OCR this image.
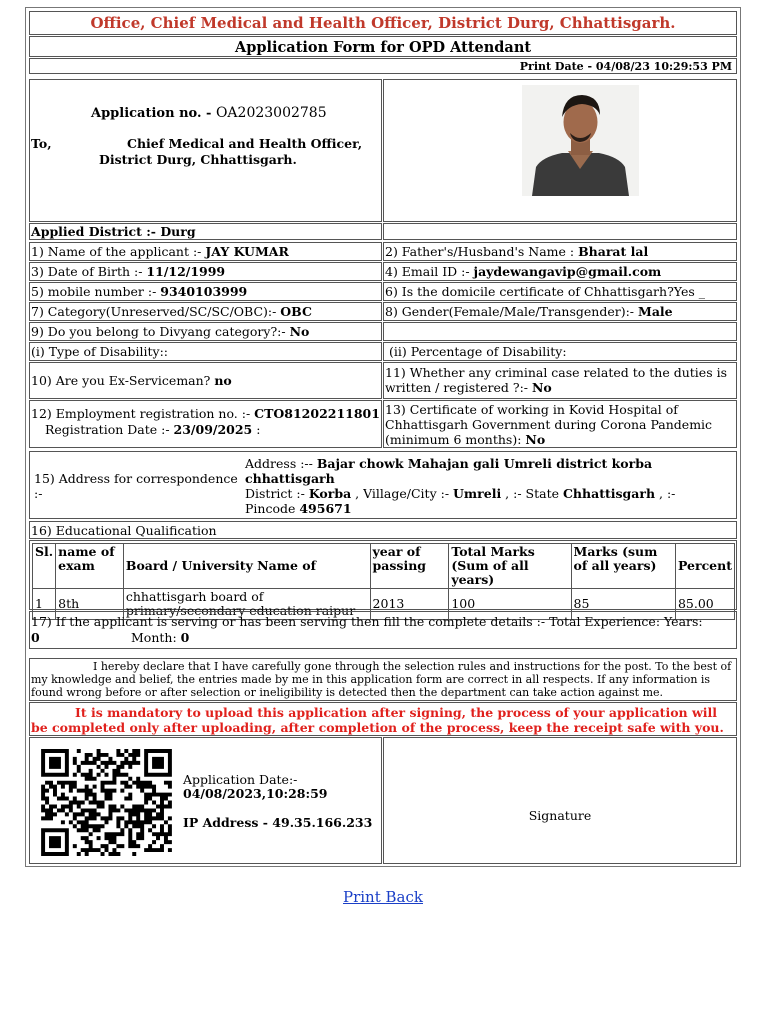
Office, Chief Medical and Health Officer, District Durg, Chhattisgarh.
Application Form for OPD Attendant
Print Date - 04/08/23 10:29:53 PM
Application no. - OA2023002785
To,	Chief Medical and Health Officer,
District Durg, Chhattisgarh.
Applied District :- Durg
1) Name of the applicant :- JAY KUMAR	2) Father's/Husband's Name : Bharat lal
3) Date of Birth :- 11/12/1999	4) Email ID :- jaydewangavip@gmail.com
5) mobile number :- 9340103999	6) Is the domicile certificate of Chhattisgarh?Yes _
7) Category(Unreserved/SC/SC/OBC):- OBC	8) Gender(Female/Male/Transgender):- Male
9) Do you belong to Divyang category?:- No
(i) Type of Disability::	(ii) Percentage of Disability:
10) Are you Ex-Serviceman? no
11) Whether any criminal case related to the duties is written / registered ?:- No
12) Employment registration no. :- CTO81202211801
Registration Date :- 23/09/2025 :
13) Certificate of working in Kovid Hospital of Chhattisgarh Government during Corona Pandemic (minimum 6 months): No
15) Address for correspondence :-
Address :-- Bajar chowk Mahajan gali Umreli district korba chhattisgarh
District :- Korba , Village/City :- Umreli , :- State Chhattisgarh , :- Pincode 495671
16) Educational Qualification
Sl.	name of exam	Board / University Name of	year of passing	Total Marks (Sum of all years)	Marks (sum of all years)	Percent
1	8th	chhattisgarh board of primary/secondary education raipur	2013	100	85	85.00
17) If the applicant is serving or has been serving then fill the complete details :- Total Experience: Years:
0	Month: 0
I hereby declare that I have carefully gone through the selection rules and instructions for the post. To the best of my knowledge and belief, the entries made by me in this application form are correct in all respects. If any information is found wrong before or after selection or ineligibility is detected then the department can take action against me.
It is mandatory to upload this application after signing, the process of your application will be completed only after uploading, after completion of the process, keep the receipt safe with you.
Application Date:-
04/08/2023,10:28:59
IP Address - 49.35.166.233	Signature
Print Back
